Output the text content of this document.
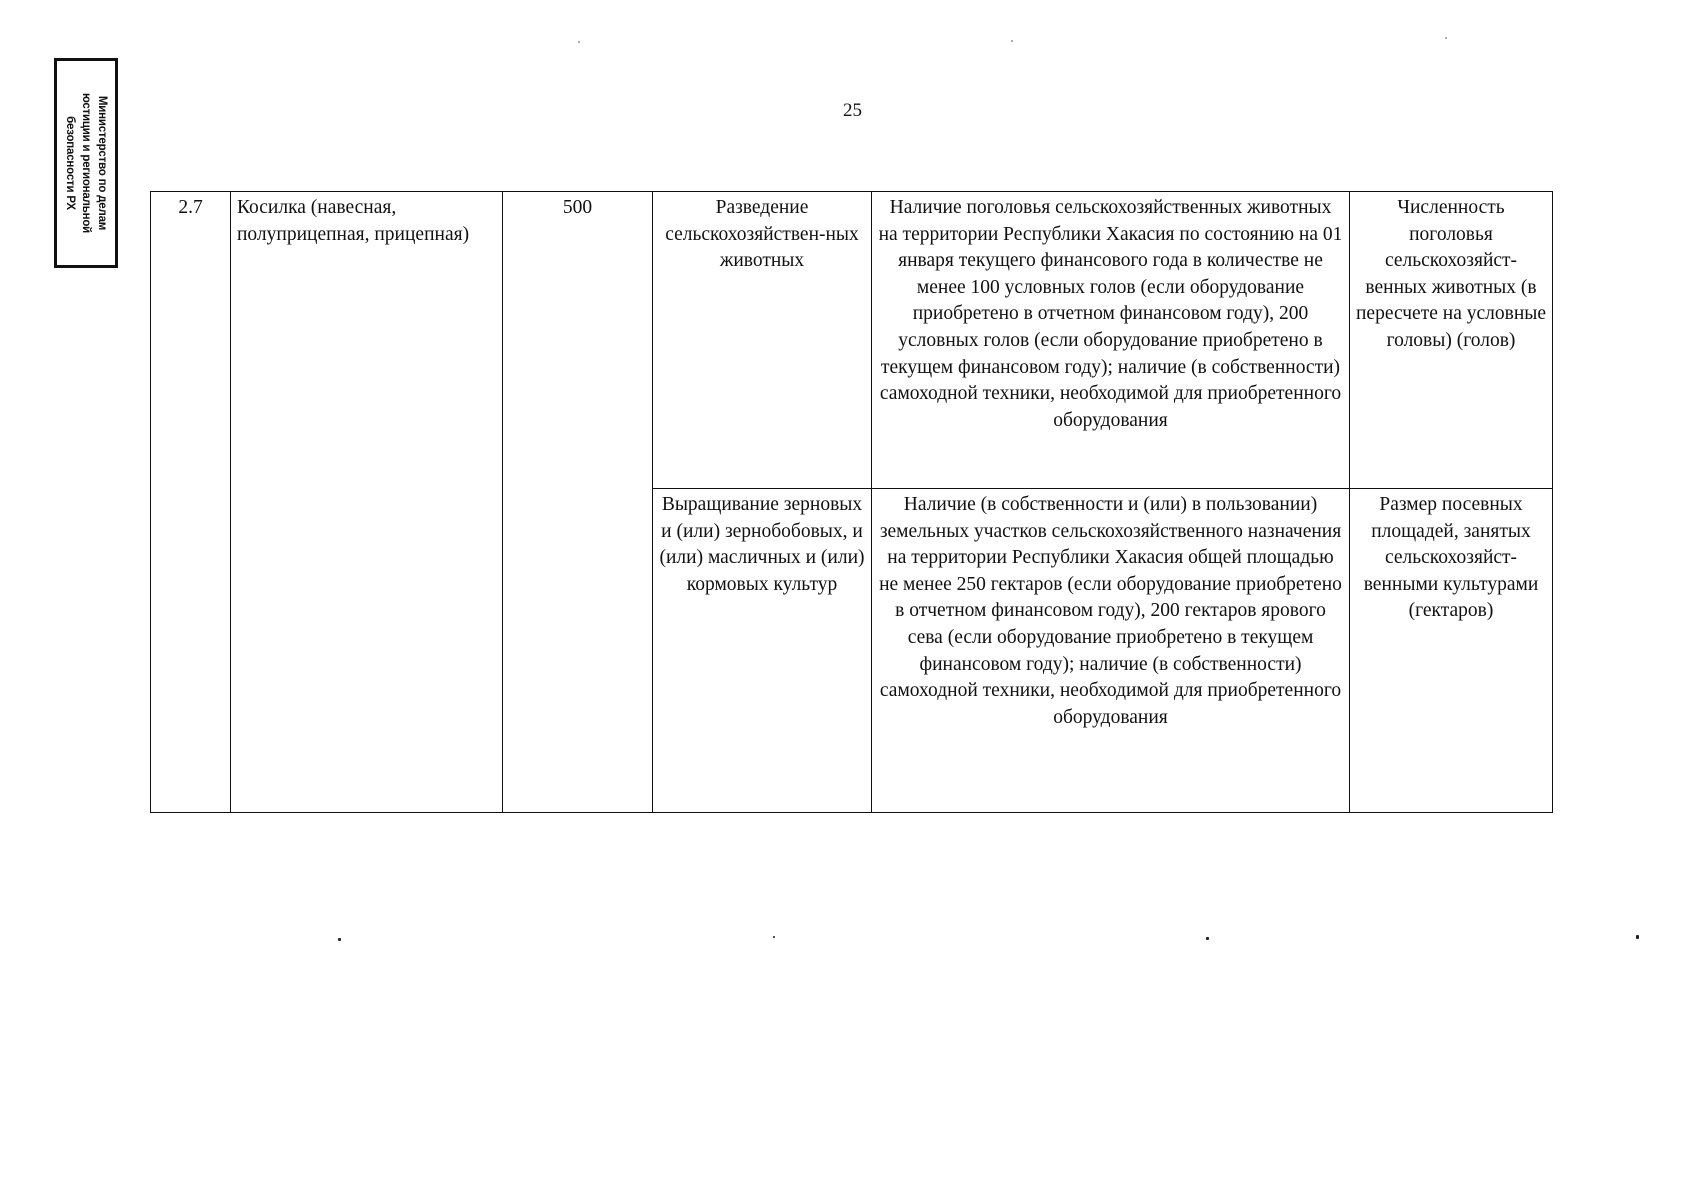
Министерство по делам
юстиции и региональной
безопасности РХ
25
2.7	Косилка (навесная, полуприцепная, прицепная)	500	Разведение сельскохозяйствен-ных животных	Наличие поголовья сельскохозяйственных животных на территории Республики Хакасия по состоянию на 01 января текущего финансового года в количестве не менее 100 условных голов (если оборудование приобретено в отчетном финансовом году), 200 условных голов (если оборудование приобретено в текущем финансовом году); наличие (в собственности) самоходной техники, необходимой для приобретенного оборудования	Численность поголовья сельскохозяйст-венных животных (в пересчете на условные головы) (голов)
			Выращивание зерновых и (или) зернобобовых, и (или) масличных и (или) кормовых культур	Наличие (в собственности и (или) в пользовании) земельных участков сельскохозяйственного назначения на территории Республики Хакасия общей площадью не менее 250 гектаров (если оборудование приобретено в отчетном финансовом году), 200 гектаров ярового сева (если оборудование приобретено в текущем финансовом году); наличие (в собственности) самоходной техники, необходимой для приобретенного оборудования	Размер посевных площадей, занятых сельскохозяйст-венными культурами (гектаров)
